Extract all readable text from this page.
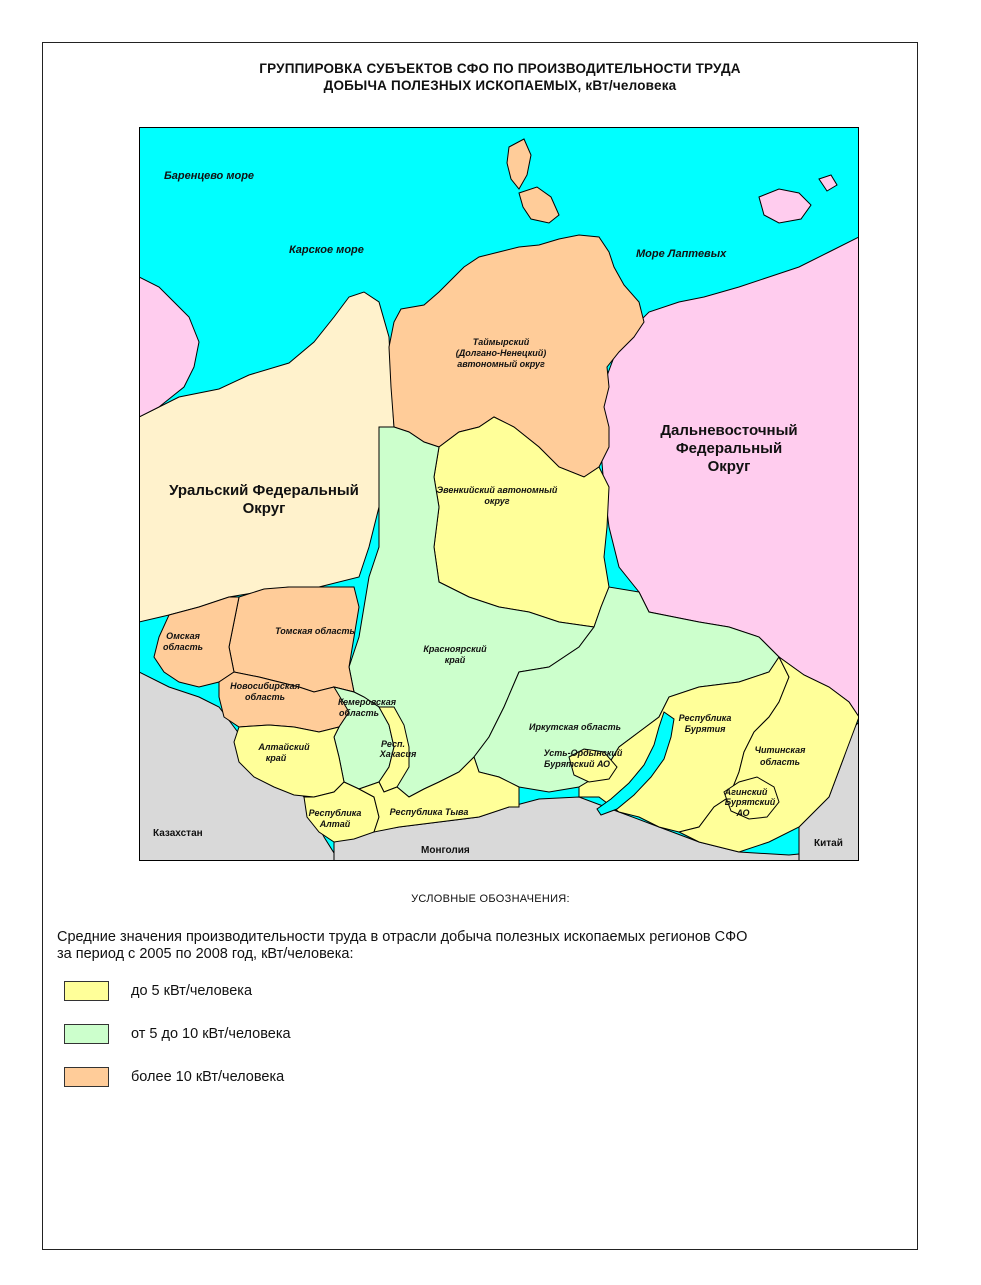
ГРУППИРОВКА СУБЪЕКТОВ СФО ПО ПРОИЗВОДИТЕЛЬНОСТИ ТРУДА
ДОБЫЧА ПОЛЕЗНЫХ ИСКОПАЕМЫХ, кВт/человека
Баренцево море
Карское море	Море Лаптевых
Уральский Федеральный
Округ
Дальневосточный
Федеральный
Округ
Казахстан
Монголия
Китай
Таймырский
(Долгано-Ненецкий)
автономный округ
Эвенкийский автономный
округ
Красноярский
край
Омская
область
Томская область
Новосибирская
область	Кемеровская
область
Алтайский
край
Респ.
Хакасия
Республика
Алтай
Республика Тыва
Иркутская область
Усть-Ордынский
Бурятский АО
Республика
Бурятия
Читинская
область
Агинский
Бурятский
АО
УСЛОВНЫЕ ОБОЗНАЧЕНИЯ:
Средние значения производительности труда в отрасли добыча полезных ископаемых регионов СФО
за период с 2005 по 2008 год, кВт/человека:
до 5 кВт/человека
от 5 до 10 кВт/человека
более 10 кВт/человека
